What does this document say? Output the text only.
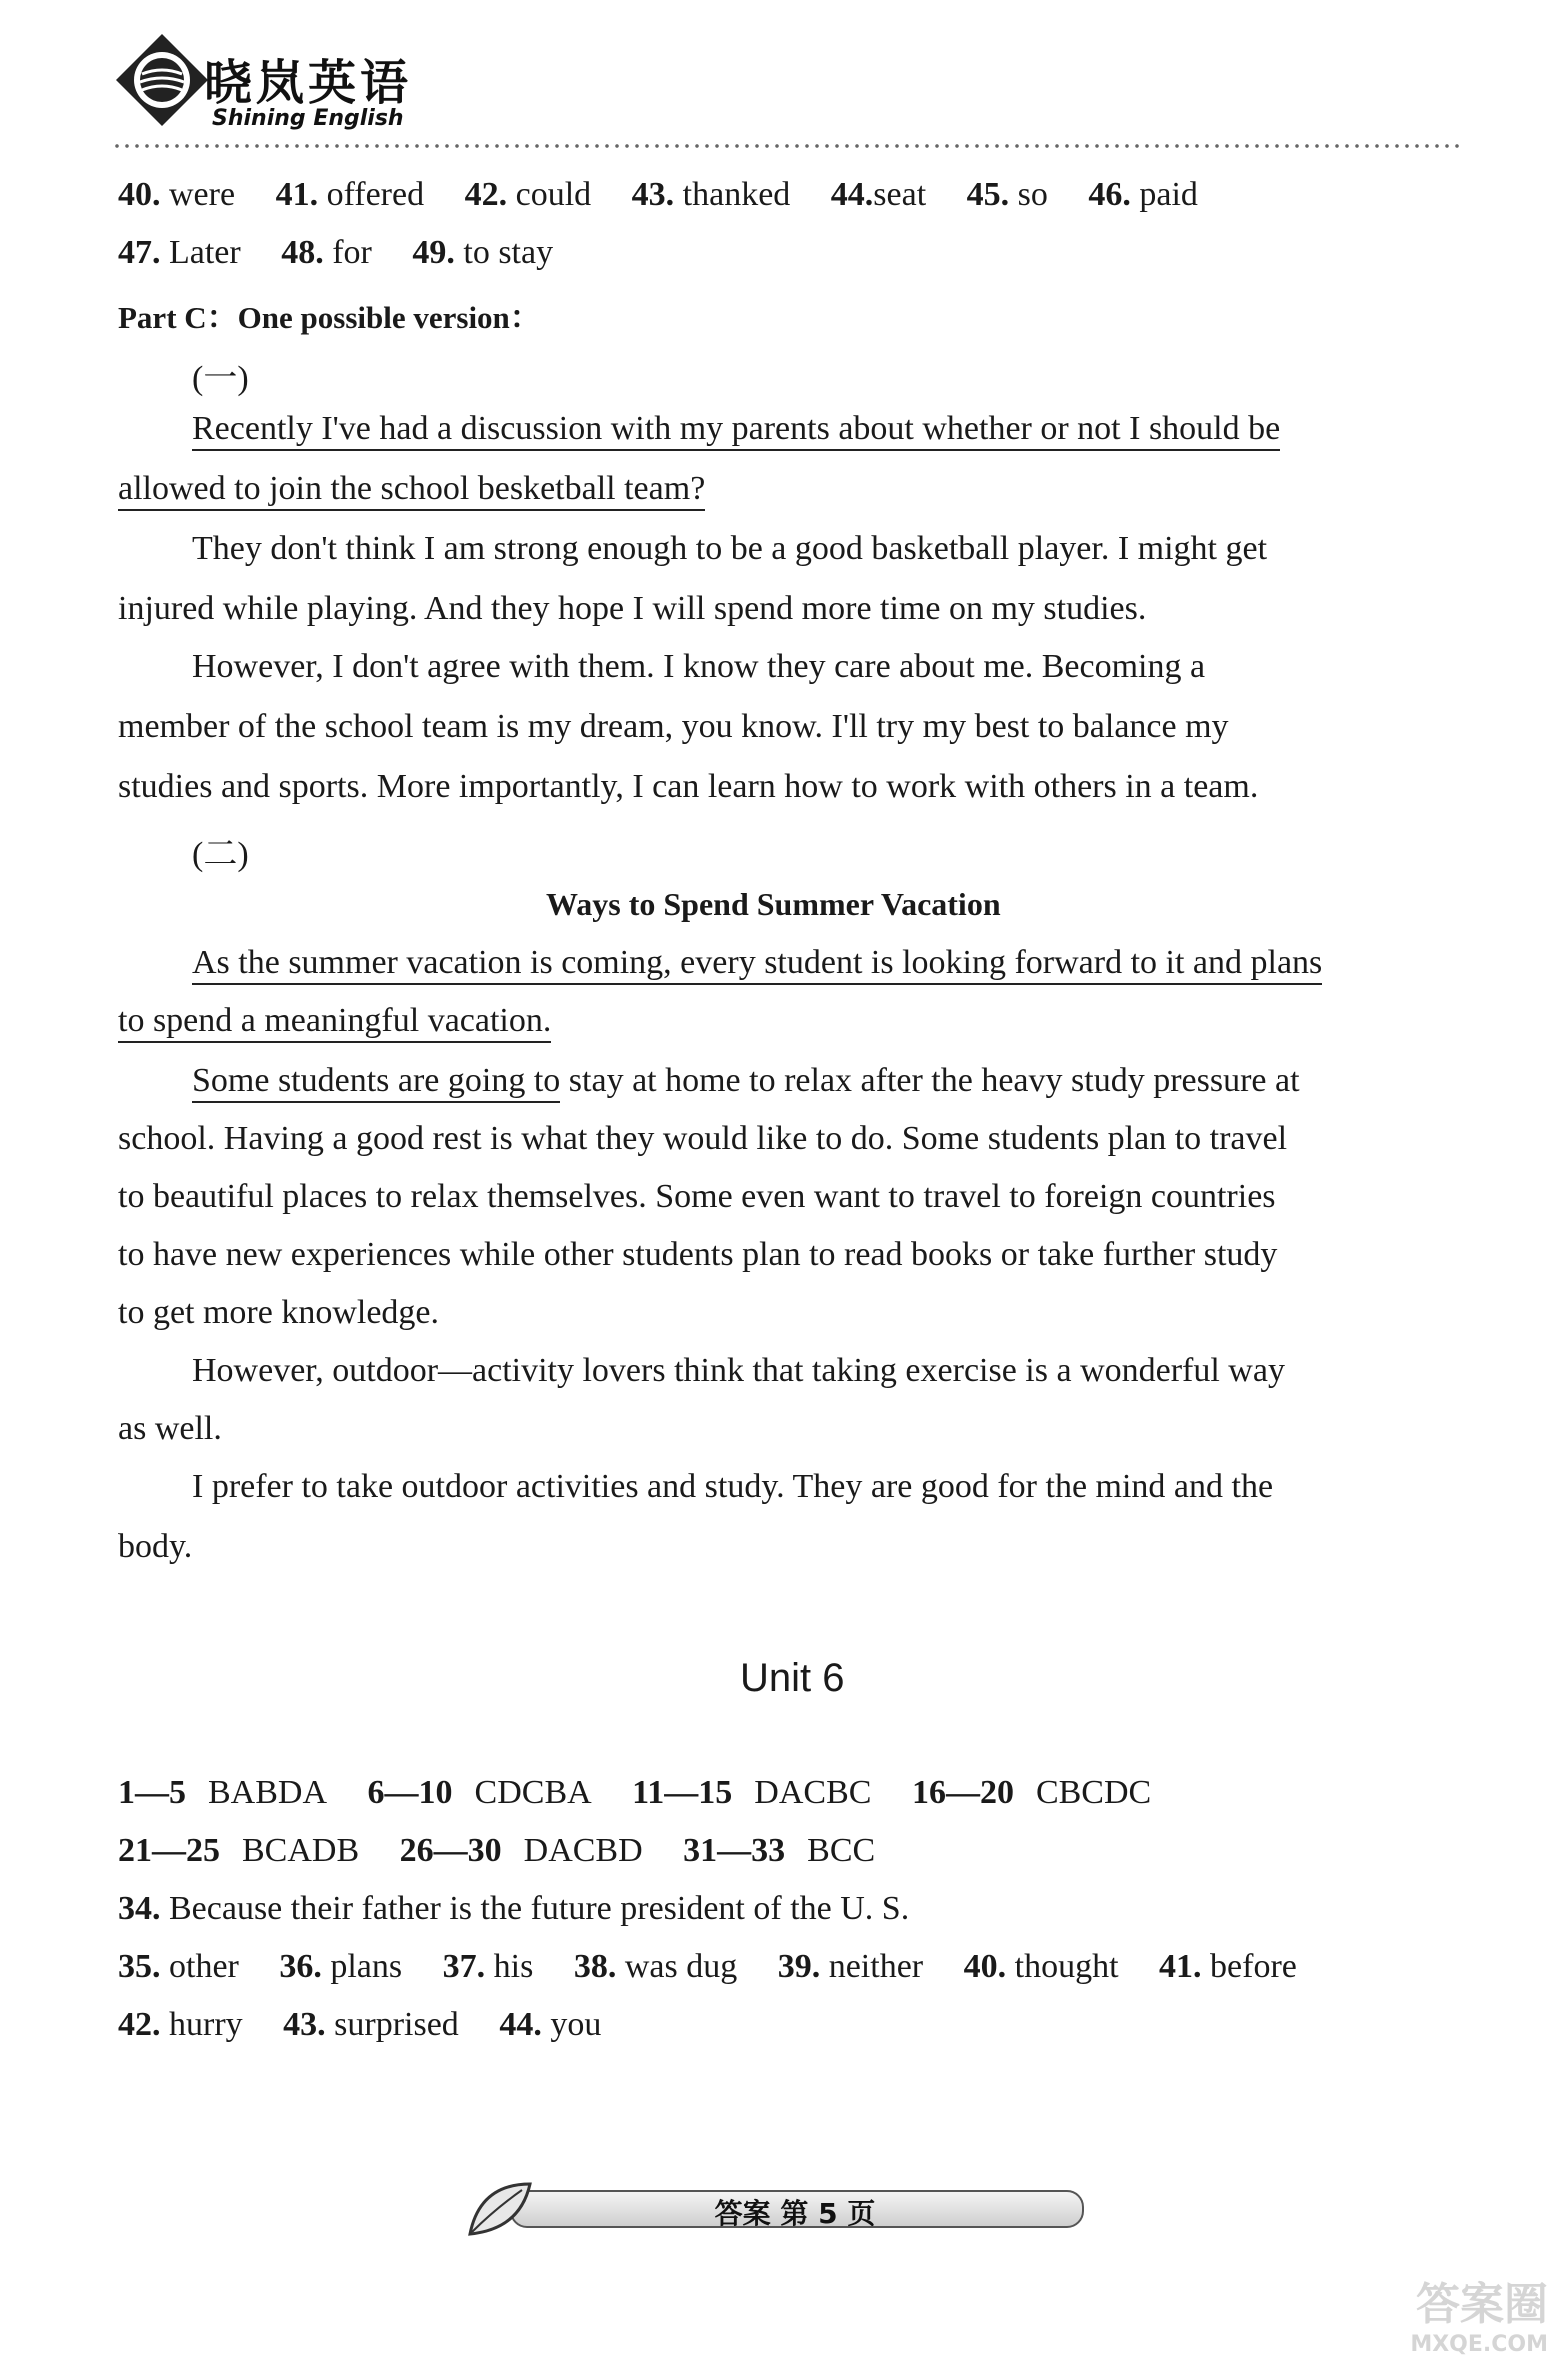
晓岚英语
Shining English
40. were 41. offered 42. could 43. thanked 44.seat 45. so 46. paid
47. Later 48. for 49. to stay
Part C：One possible version：
(一)
Recently I've had a discussion with my parents about whether or not I should be
allowed to join the school besketball team?
They don't think I am strong enough to be a good basketball player. I might get
injured while playing. And they hope I will spend more time on my studies.
However, I don't agree with them. I know they care about me. Becoming a
member of the school team is my dream, you know. I'll try my best to balance my
studies and sports. More importantly, I can learn how to work with others in a team.
(二)
Ways to Spend Summer Vacation
As the summer vacation is coming, every student is looking forward to it and plans
to spend a meaningful vacation.
Some students are going to stay at home to relax after the heavy study pressure at
school. Having a good rest is what they would like to do. Some students plan to travel
to beautiful places to relax themselves. Some even want to travel to foreign countries
to have new experiences while other students plan to read books or take further study
to get more knowledge.
However, outdoor—activity lovers think that taking exercise is a wonderful way
as well.
I prefer to take outdoor activities and study. They are good for the mind and the
body.
Unit 6
1—5 BABDA 6—10 CDCBA 11—15 DACBC 16—20 CBCDC
21—25 BCADB 26—30 DACBD 31—33 BCC
34. Because their father is the future president of the U. S.
35. other 36. plans 37. his 38. was dug 39. neither 40. thought 41. before
42. hurry 43. surprised 44. you
答案 第 5 页
答案圈
MXQE.COM
